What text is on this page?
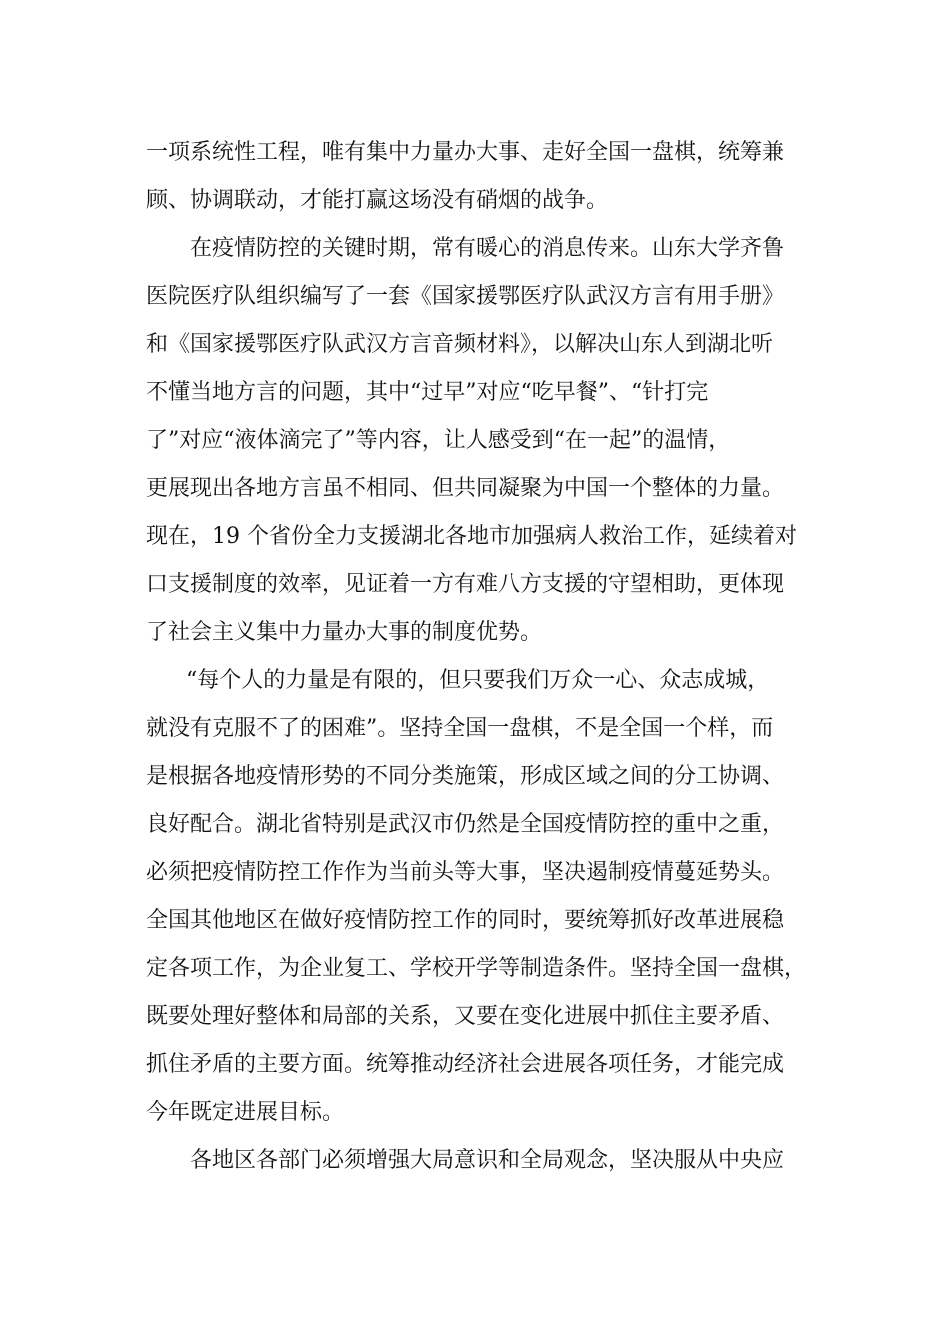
一项系统性工程，唯有集中力量办大事、走好全国一盘棋，统筹兼
顾、协调联动，才能打赢这场没有硝烟的战争。
在疫情防控的关键时期，常有暖心的消息传来。山东大学齐鲁
医院医疗队组织编写了一套《国家援鄂医疗队武汉方言有用手册》
和《国家援鄂医疗队武汉方言音频材料》，以解决山东人到湖北听
不懂当地方言的问题，其中“过早”对应“吃早餐”、“针打完
了”对应“液体滴完了”等内容，让人感受到“在一起”的温情，
更展现出各地方言虽不相同、但共同凝聚为中国一个整体的力量。
现在，19 个省份全力支援湖北各地市加强病人救治工作，延续着对
口支援制度的效率，见证着一方有难八方支援的守望相助，更体现
了社会主义集中力量办大事的制度优势。
“每个人的力量是有限的，但只要我们万众一心、众志成城，
就没有克服不了的困难”。坚持全国一盘棋，不是全国一个样，而
是根据各地疫情形势的不同分类施策，形成区域之间的分工协调、
良好配合。湖北省特别是武汉市仍然是全国疫情防控的重中之重，
必须把疫情防控工作作为当前头等大事，坚决遏制疫情蔓延势头。
全国其他地区在做好疫情防控工作的同时，要统筹抓好改革进展稳
定各项工作，为企业复工、学校开学等制造条件。坚持全国一盘棋，
既要处理好整体和局部的关系，又要在变化进展中抓住主要矛盾、
抓住矛盾的主要方面。统筹推动经济社会进展各项任务，才能完成
今年既定进展目标。
各地区各部门必须增强大局意识和全局观念，坚决服从中央应
